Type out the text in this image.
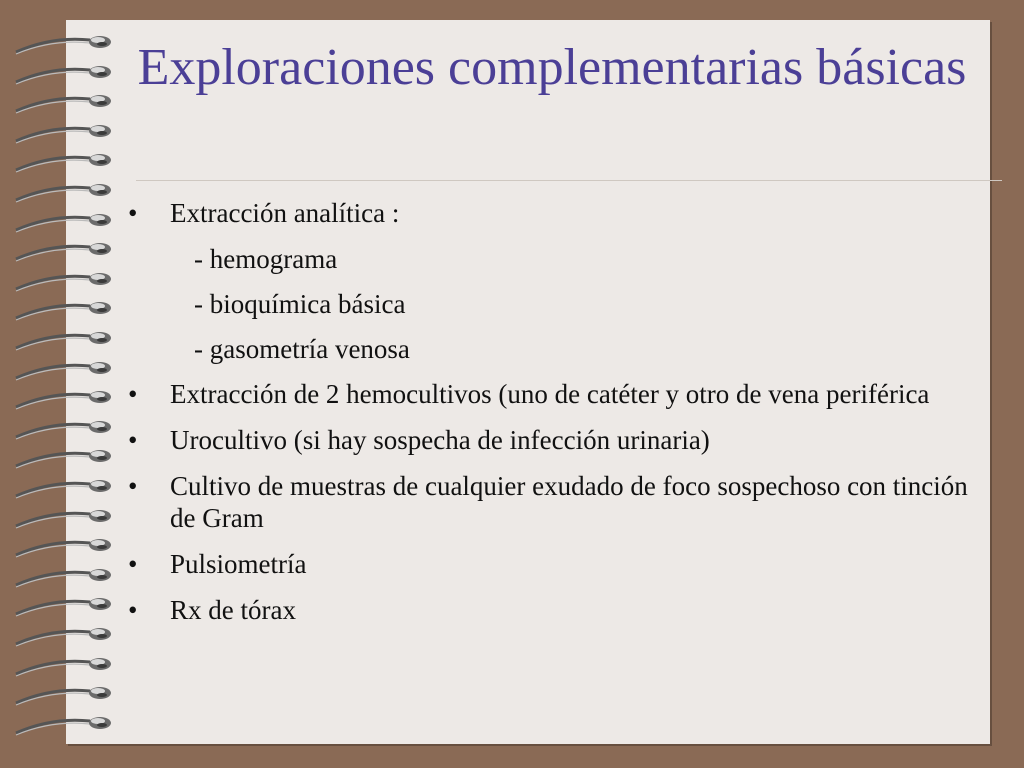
Exploraciones complementarias básicas
• Extracción analítica :
- hemograma
- bioquímica básica
- gasometría venosa
• Extracción de 2 hemocultivos (uno de catéter y otro de vena periférica
• Urocultivo (si hay sospecha de infección urinaria)
• Cultivo de muestras de cualquier exudado de foco sospechoso con tinción de Gram
• Pulsiometría
• Rx de tórax
